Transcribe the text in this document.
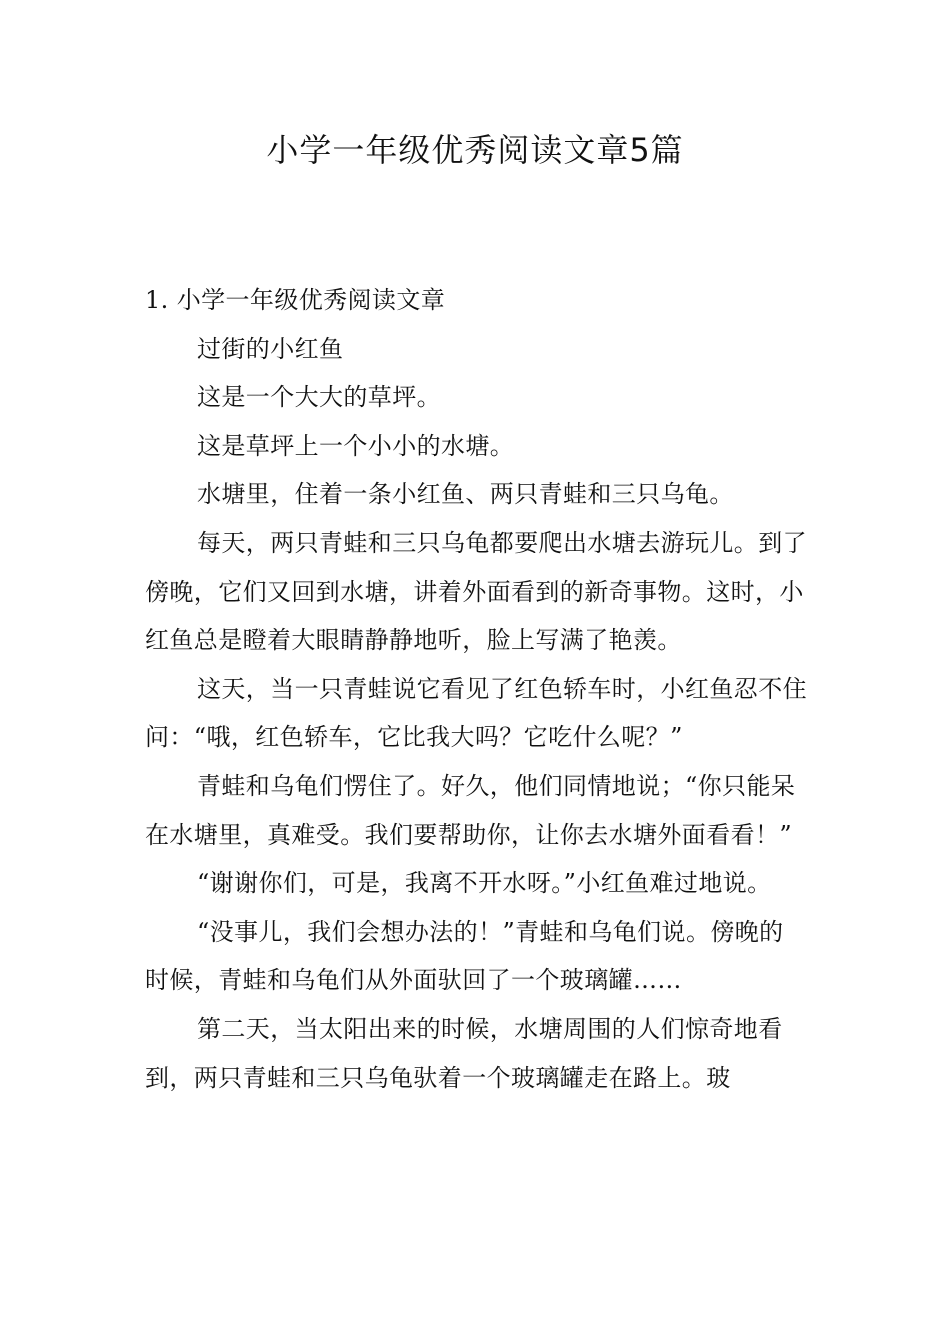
小学一年级优秀阅读文章5篇

1. 小学一年级优秀阅读文章

过街的小红鱼

这是一个大大的草坪。

这是草坪上一个小小的水塘。

水塘里，住着一条小红鱼、两只青蛙和三只乌龟。

每天，两只青蛙和三只乌龟都要爬出水塘去游玩儿。到了傍晚，它们又回到水塘，讲着外面看到的新奇事物。这时，小红鱼总是瞪着大眼睛静静地听，脸上写满了艳羡。

这天，当一只青蛙说它看见了红色轿车时，小红鱼忍不住问：“哦，红色轿车，它比我大吗？它吃什么呢？”

青蛙和乌龟们愣住了。好久，他们同情地说；“你只能呆在水塘里，真难受。我们要帮助你，让你去水塘外面看看！”

“谢谢你们，可是，我离不开水呀。”小红鱼难过地说。

“没事儿，我们会想办法的！”青蛙和乌龟们说。傍晚的时候，青蛙和乌龟们从外面驮回了一个玻璃罐……

第二天，当太阳出来的时候，水塘周围的人们惊奇地看到，两只青蛙和三只乌龟驮着一个玻璃罐走在路上。玻
